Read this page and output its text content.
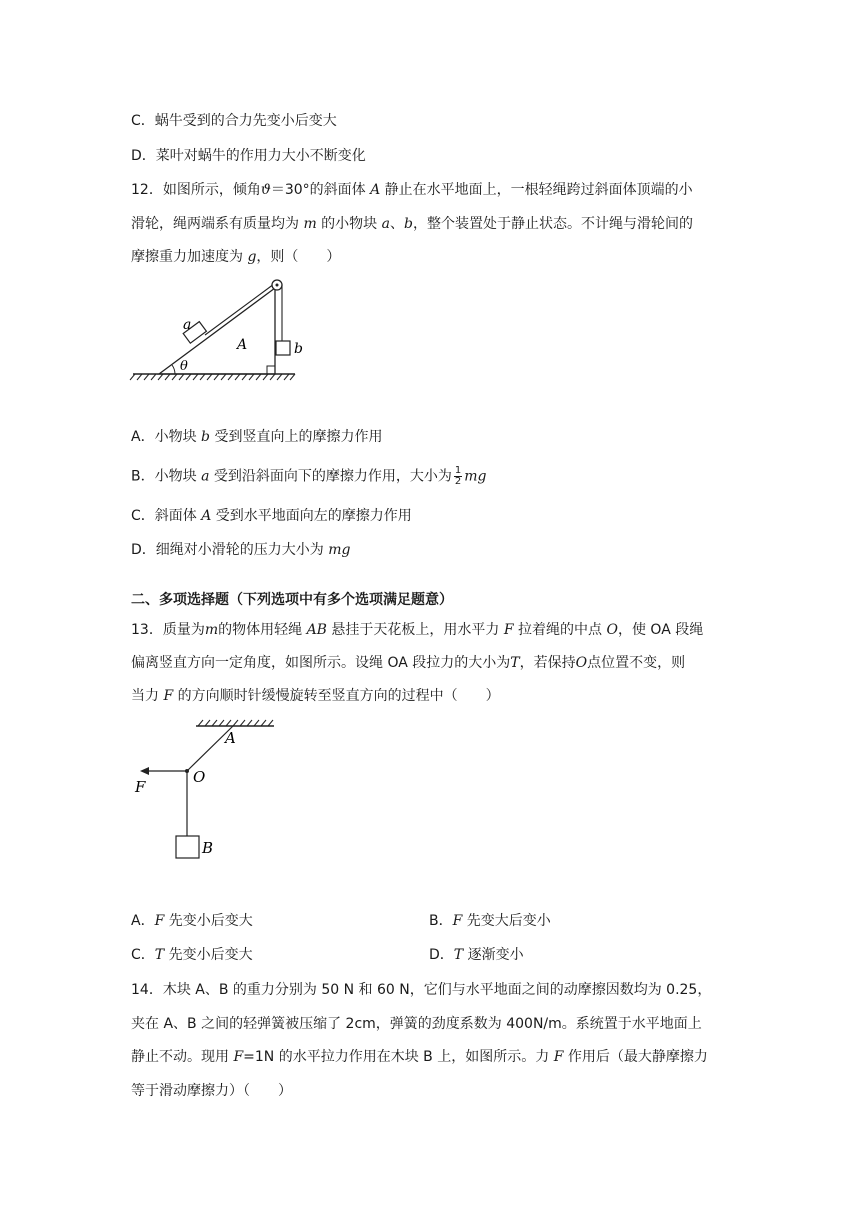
C．蜗牛受到的合力先变小后变大
D．菜叶对蜗牛的作用力大小不断变化
12．如图所示，倾角ϑ＝30°的斜面体 A 静止在水平地面上，一根轻绳跨过斜面体顶端的小
滑轮，绳两端系有质量均为 m 的小物块 a、b，整个装置处于静止状态。不计绳与滑轮间的
摩擦重力加速度为 g，则（　　）
a
A	b
θ
A．小物块 b 受到竖直向上的摩擦力作用
B．小物块 a 受到沿斜面向下的摩擦力作用，大小为 $\frac{1}{2}$ mg
C．斜面体 A 受到水平地面向左的摩擦力作用
D．细绳对小滑轮的压力大小为 mg
二、多项选择题（下列选项中有多个选项满足题意）
13．质量为m的物体用轻绳 AB 悬挂于天花板上，用水平力 F 拉着绳的中点 O，使 OA 段绳
偏离竖直方向一定角度，如图所示。设绳 OA 段拉力的大小为T，若保持O点位置不变，则
当力 F 的方向顺时针缓慢旋转至竖直方向的过程中（　　）
A
O
F
B
A．F 先变小后变大	B．F 先变大后变小
C．T 先变小后变大	D．T 逐渐变小
14．木块 A、B 的重力分别为 50 N 和 60 N，它们与水平地面之间的动摩擦因数均为 0.25，
夹在 A、B 之间的轻弹簧被压缩了 2cm，弹簧的劲度系数为 400N/m。系统置于水平地面上
静止不动。现用 F=1N 的水平拉力作用在木块 B 上，如图所示。力 F 作用后（最大静摩擦力
等于滑动摩擦力）（　　）
